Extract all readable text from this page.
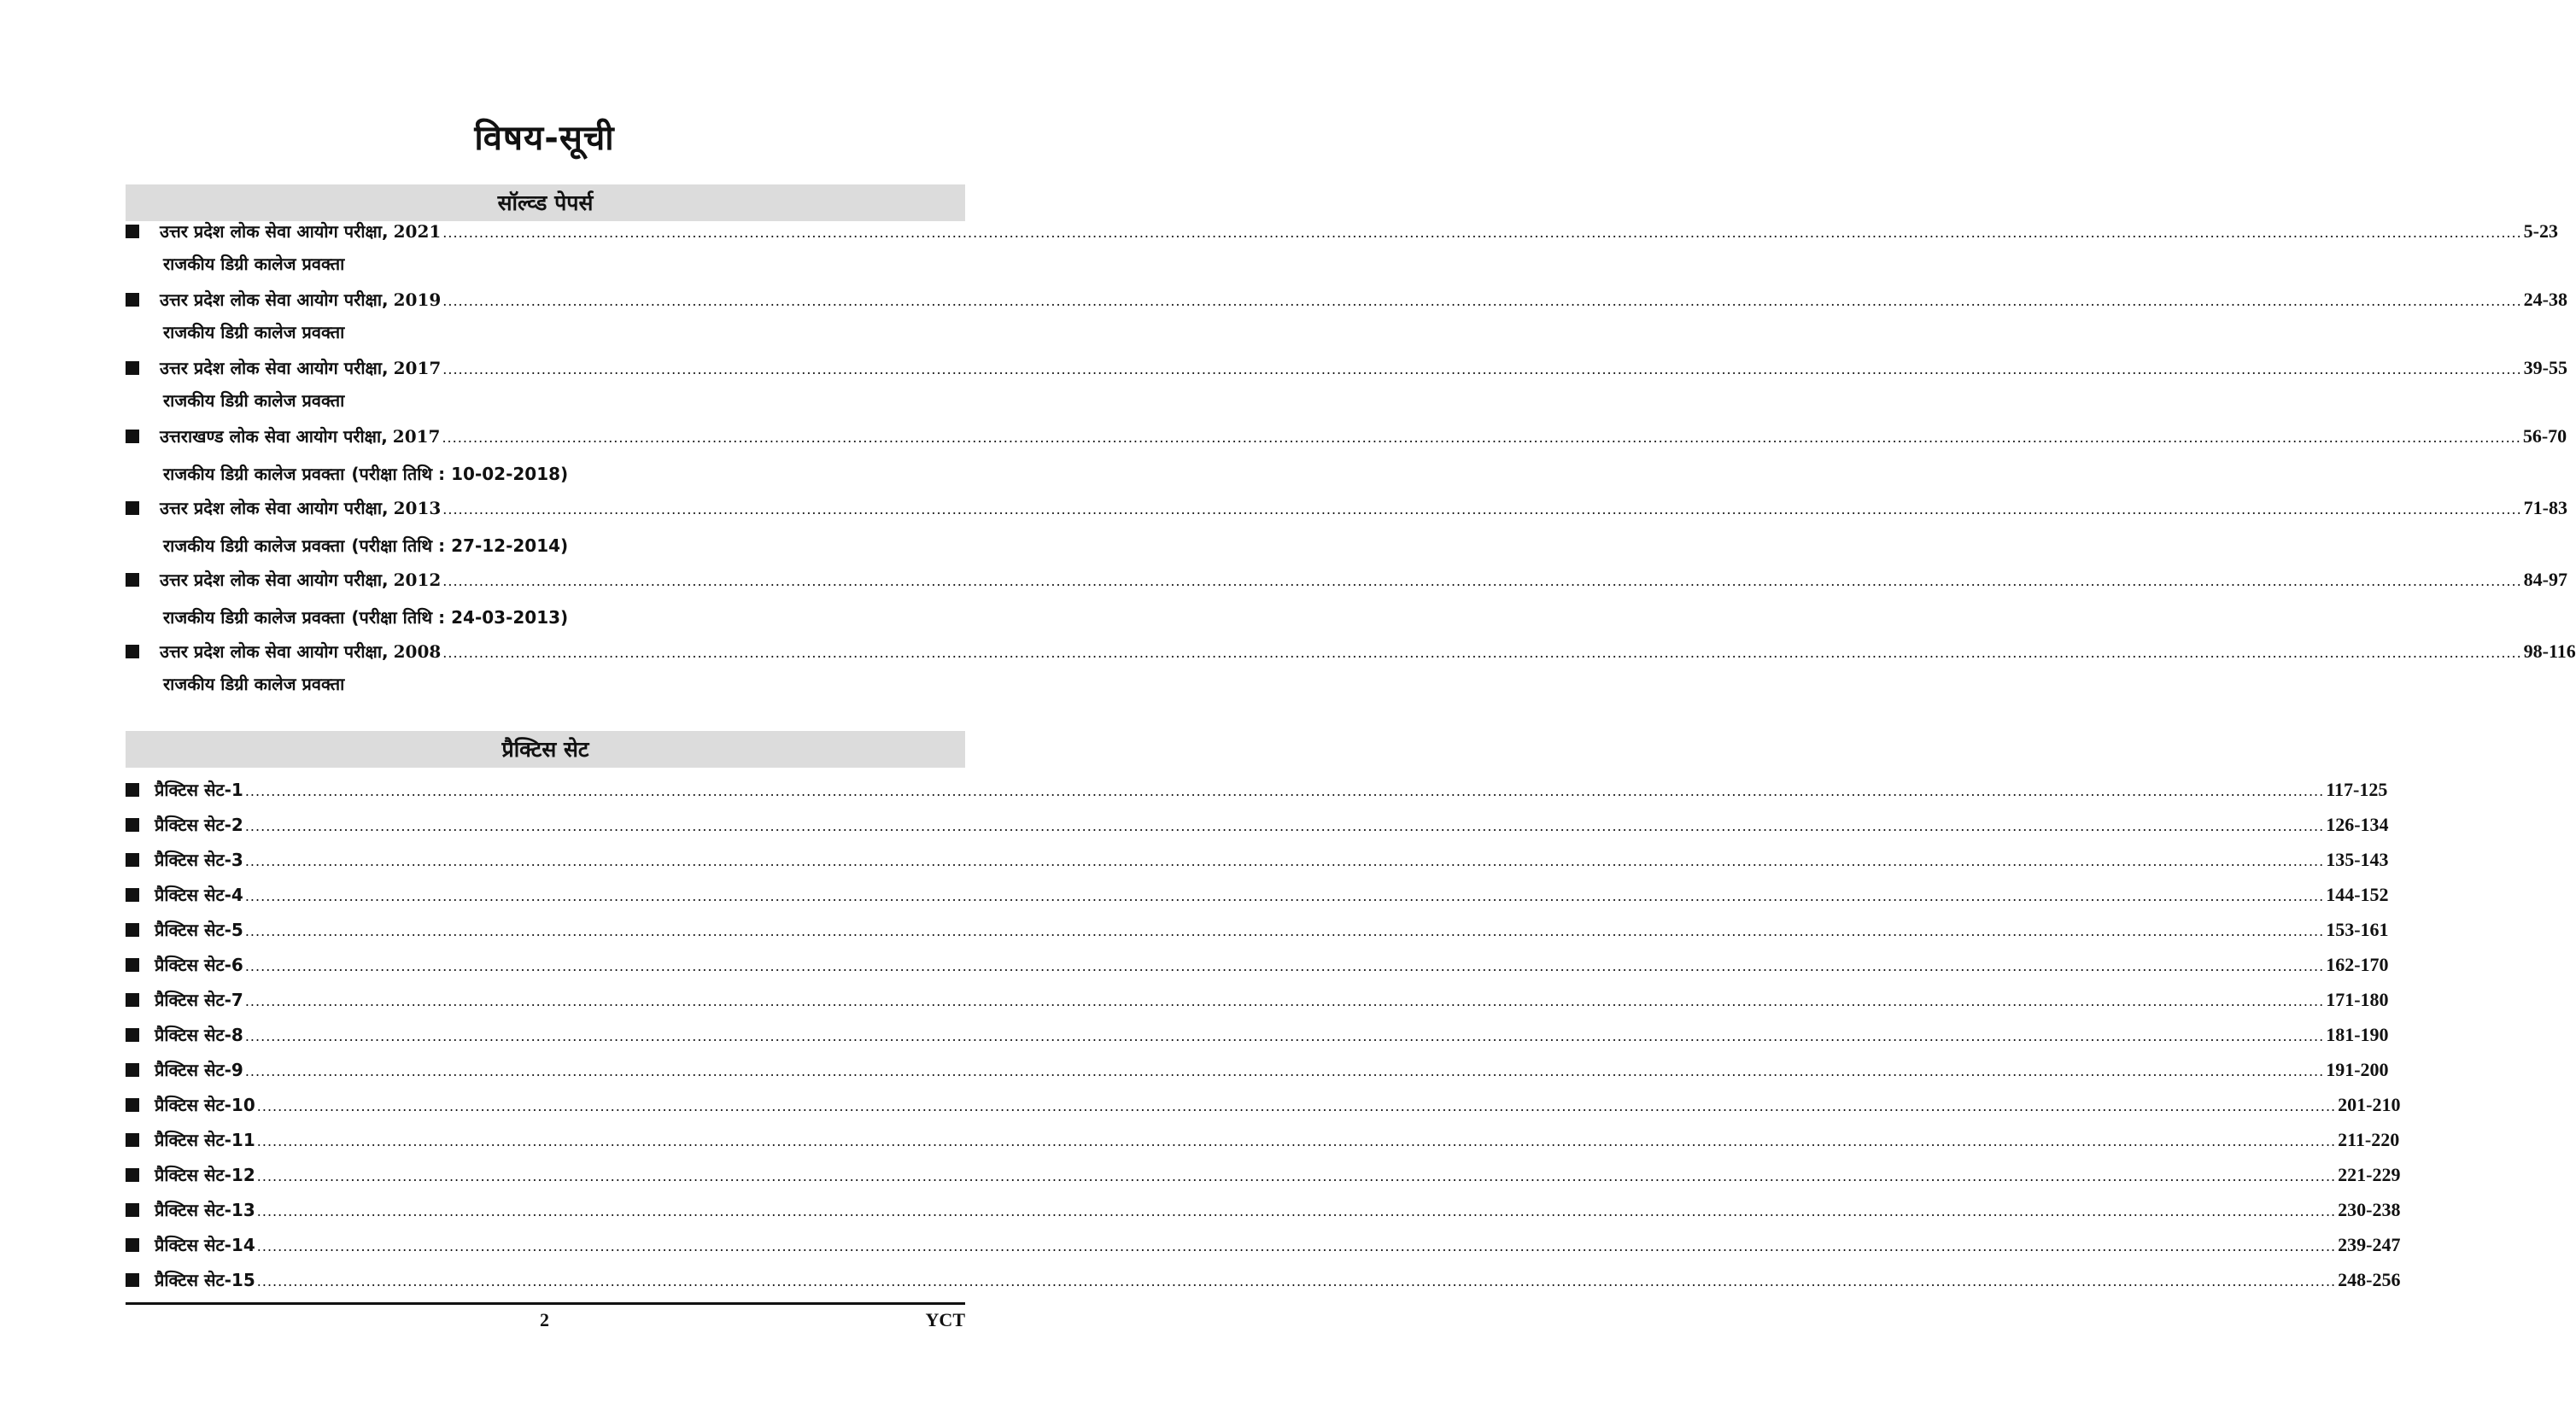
विषय-सूची
सॉल्व्ड पेपर्स
उत्तर प्रदेश लोक सेवा आयोग परीक्षा, 2021 ................................................................................................................................................................................................................................................................................................................................................................................................................ 5-23
राजकीय डिग्री कालेज प्रवक्ता
उत्तर प्रदेश लोक सेवा आयोग परीक्षा, 2019 ................................................................................................................................................................................................................................................................................................................................................................................................................ 24-38
राजकीय डिग्री कालेज प्रवक्ता
उत्तर प्रदेश लोक सेवा आयोग परीक्षा, 2017 ................................................................................................................................................................................................................................................................................................................................................................................................................ 39-55
राजकीय डिग्री कालेज प्रवक्ता
उत्तराखण्ड लोक सेवा आयोग परीक्षा, 2017 ................................................................................................................................................................................................................................................................................................................................................................................................................ 56-70
राजकीय डिग्री कालेज प्रवक्ता (परीक्षा तिथि : 10-02-2018)
उत्तर प्रदेश लोक सेवा आयोग परीक्षा, 2013 ................................................................................................................................................................................................................................................................................................................................................................................................................ 71-83
राजकीय डिग्री कालेज प्रवक्ता (परीक्षा तिथि : 27-12-2014)
उत्तर प्रदेश लोक सेवा आयोग परीक्षा, 2012 ................................................................................................................................................................................................................................................................................................................................................................................................................ 84-97
राजकीय डिग्री कालेज प्रवक्ता (परीक्षा तिथि : 24-03-2013)
उत्तर प्रदेश लोक सेवा आयोग परीक्षा, 2008 ................................................................................................................................................................................................................................................................................................................................................................................................................ 98-116
राजकीय डिग्री कालेज प्रवक्ता
प्रैक्टिस सेट
प्रैक्टिस सेट-1 ................................................................................................................................................................................................................................................................................................................................................................................................................ 117-125
प्रैक्टिस सेट-2 ................................................................................................................................................................................................................................................................................................................................................................................................................ 126-134
प्रैक्टिस सेट-3 ................................................................................................................................................................................................................................................................................................................................................................................................................ 135-143
प्रैक्टिस सेट-4 ................................................................................................................................................................................................................................................................................................................................................................................................................ 144-152
प्रैक्टिस सेट-5 ................................................................................................................................................................................................................................................................................................................................................................................................................ 153-161
प्रैक्टिस सेट-6 ................................................................................................................................................................................................................................................................................................................................................................................................................ 162-170
प्रैक्टिस सेट-7 ................................................................................................................................................................................................................................................................................................................................................................................................................ 171-180
प्रैक्टिस सेट-8 ................................................................................................................................................................................................................................................................................................................................................................................................................ 181-190
प्रैक्टिस सेट-9 ................................................................................................................................................................................................................................................................................................................................................................................................................ 191-200
प्रैक्टिस सेट-10 ................................................................................................................................................................................................................................................................................................................................................................................................................ 201-210
प्रैक्टिस सेट-11 ................................................................................................................................................................................................................................................................................................................................................................................................................ 211-220
प्रैक्टिस सेट-12 ................................................................................................................................................................................................................................................................................................................................................................................................................ 221-229
प्रैक्टिस सेट-13 ................................................................................................................................................................................................................................................................................................................................................................................................................ 230-238
प्रैक्टिस सेट-14 ................................................................................................................................................................................................................................................................................................................................................................................................................ 239-247
प्रैक्टिस सेट-15 ................................................................................................................................................................................................................................................................................................................................................................................................................ 248-256
2	YCT
